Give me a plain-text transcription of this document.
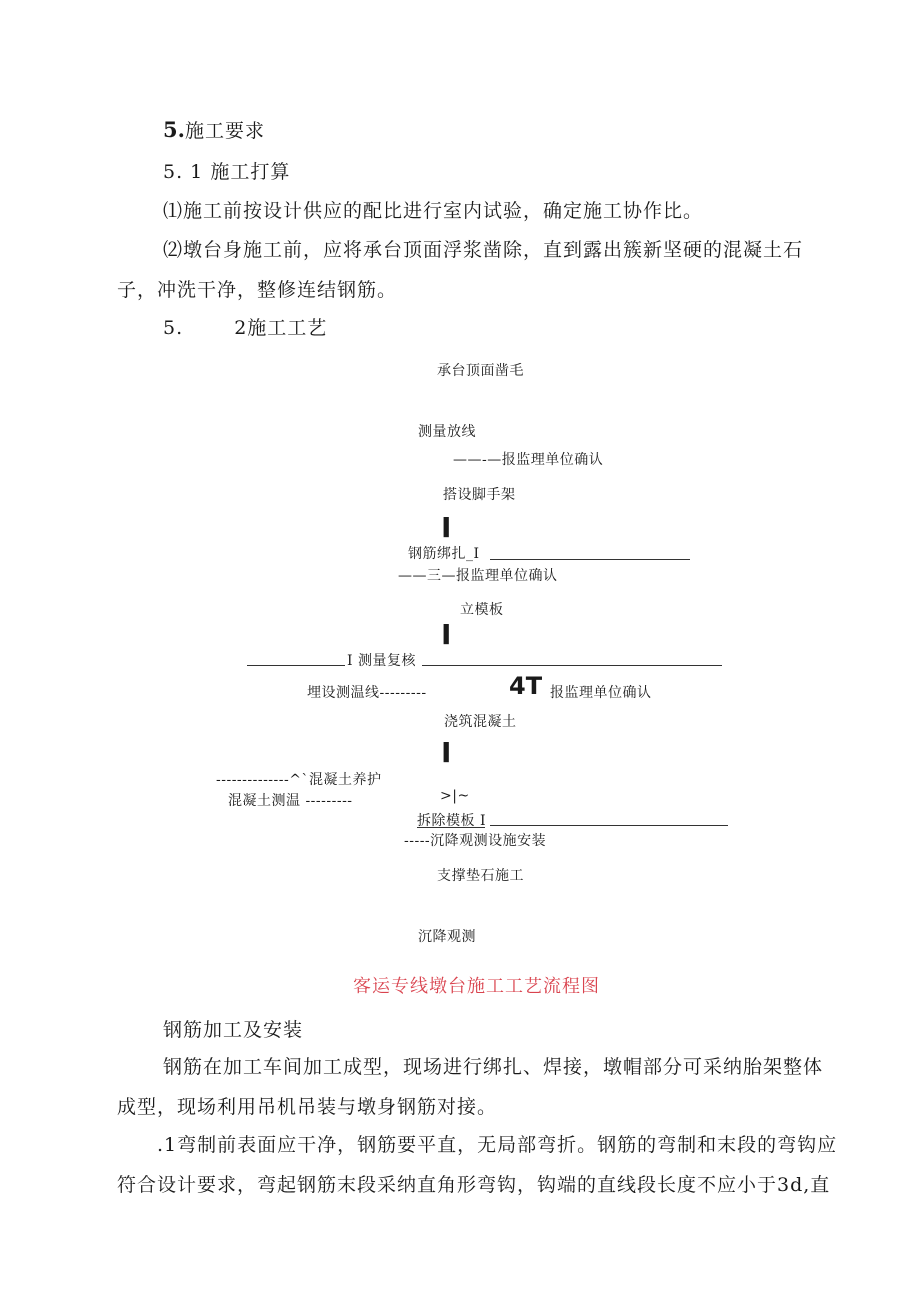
5.施工要求
5. 1 施工打算
⑴施工前按设计供应的配比进行室内试验，确定施工协作比。
⑵墩台身施工前，应将承台顶面浮浆凿除，直到露出簇新坚硬的混凝土石子，冲洗干净，整修连结钢筋。
5.	2施工工艺
承台顶面凿毛
测量放线
——-—报监理单位确认
搭设脚手架
I
钢筋绑扎_I
——三—报监理单位确认
立模板
I
I 测量复核
埋设测温线---------	4T 报监理单位确认
浇筑混凝土
I
--------------^`混凝土养护
混凝土测温 ---------	>|~
拆除模板 I
-----沉降观测设施安装
支撑垫石施工
沉降观测
客运专线墩台施工工艺流程图
钢筋加工及安装
钢筋在加工车间加工成型，现场进行绑扎、焊接，墩帽部分可采纳胎架整体成型，现场利用吊机吊装与墩身钢筋对接。
.1弯制前表面应干净，钢筋要平直，无局部弯折。钢筋的弯制和末段的弯钩应符合设计要求，弯起钢筋末段采纳直角形弯钩，钩端的直线段长度不应小于3d,直
